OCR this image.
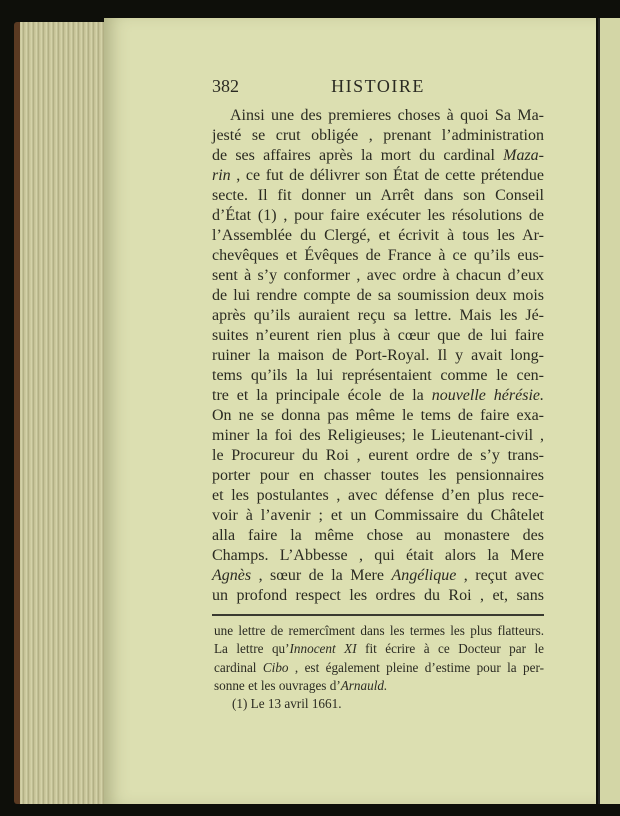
382	HISTOIRE
Ainsi une des premieres choses à quoi Sa Ma-
jesté se crut obligée , prenant l’administration
de ses affaires après la mort du cardinal Maza-
rin , ce fut de délivrer son État de cette prétendue
secte. Il fit donner un Arrêt dans son Conseil
d’État (1) , pour faire exécuter les résolutions de
l’Assemblée du Clergé, et écrivit à tous les Ar-
chevêques et Évêques de France à ce qu’ils eus-
sent à s’y conformer , avec ordre à chacun d’eux
de lui rendre compte de sa soumission deux mois
après qu’ils auraient reçu sa lettre. Mais les Jé-
suites n’eurent rien plus à cœur que de lui faire
ruiner la maison de Port-Royal. Il y avait long-
tems qu’ils la lui représentaient comme le cen-
tre et la principale école de la nouvelle hérésie.
On ne se donna pas même le tems de faire exa-
miner la foi des Religieuses; le Lieutenant-civil ,
le Procureur du Roi , eurent ordre de s’y trans-
porter pour en chasser toutes les pensionnaires
et les postulantes , avec défense d’en plus rece-
voir à l’avenir ; et un Commissaire du Châtelet
alla faire la même chose au monastere des
Champs. L’Abbesse , qui était alors la Mere
Agnès , sœur de la Mere Angélique , reçut avec
un profond respect les ordres du Roi , et, sans
une lettre de remercîment dans les termes les plus flatteurs.
La lettre qu’Innocent XI fit écrire à ce Docteur par le
cardinal Cibo , est également pleine d’estime pour la per-
sonne et les ouvrages d’Arnauld.
(1) Le 13 avril 1661.
